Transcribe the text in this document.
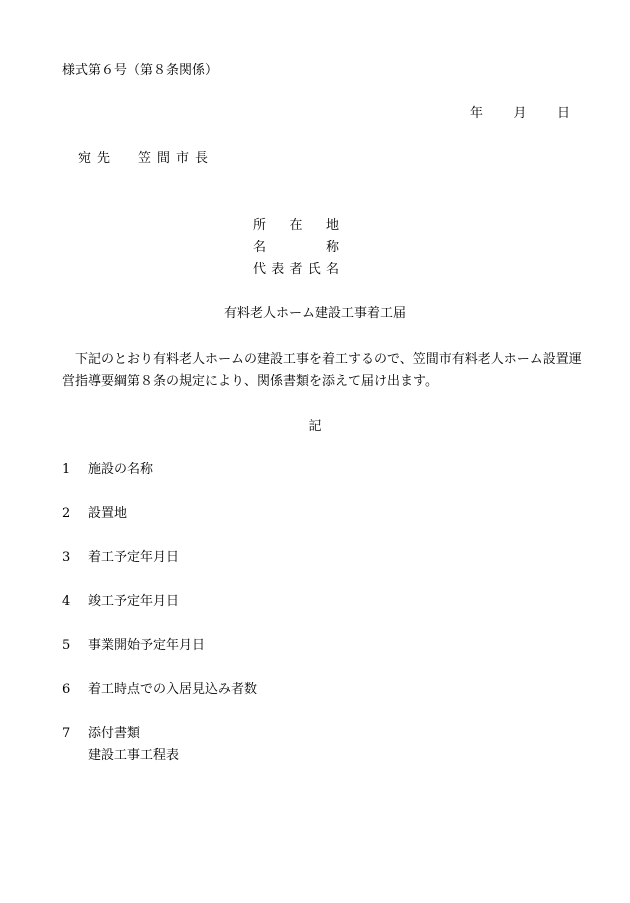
様式第６号（第８条関係）
年 月 日
宛先 笠間市長
所 在 地
名	称
代 表 者 氏 名
有料老人ホーム建設工事着工届
下記のとおり有料老人ホームの建設工事を着工するので、笠間市有料老人ホーム設置運営指導要綱第８条の規定により、関係書類を添えて届け出ます。
記
1	施設の名称
2	設置地
3	着工予定年月日
4	竣工予定年月日
5	事業開始予定年月日
6	着工時点での入居見込み者数
7	添付書類
建設工事工程表
